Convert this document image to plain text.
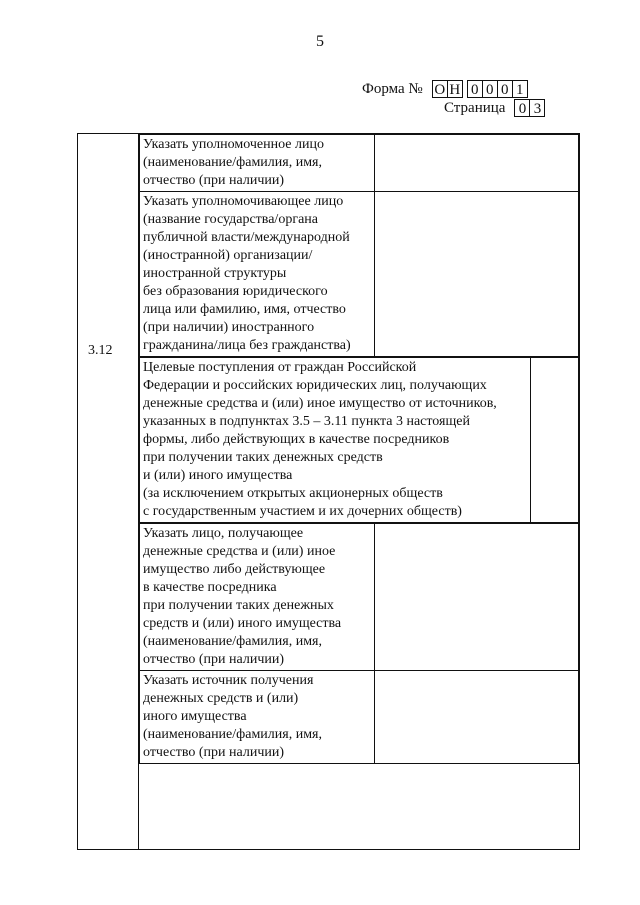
5
Форма № О Н 0 0 0 1
Страница 0 3
3.12

Указать уполномоченное лицо
(наименование/фамилия, имя,
отчество (при наличии)

Указать уполномочивающее лицо
(название государства/органа
публичной власти/международной
(иностранной) организации/
иностранной структуры
без образования юридического
лица или фамилию, имя, отчество
(при наличии) иностранного
гражданина/лица без гражданства)

Целевые поступления от граждан Российской
Федерации и российских юридических лиц, получающих
денежные средства и (или) иное имущество от источников,
указанных в подпунктах 3.5 – 3.11 пункта 3 настоящей
формы, либо действующих в качестве посредников
при получении таких денежных средств
и (или) иного имущества
(за исключением открытых акционерных обществ
с государственным участием и их дочерних обществ)

Указать лицо, получающее
денежные средства и (или) иное
имущество либо действующее
в качестве посредника
при получении таких денежных
средств и (или) иного имущества
(наименование/фамилия, имя,
отчество (при наличии)

Указать источник получения
денежных средств и (или)
иного имущества
(наименование/фамилия, имя,
отчество (при наличии)
